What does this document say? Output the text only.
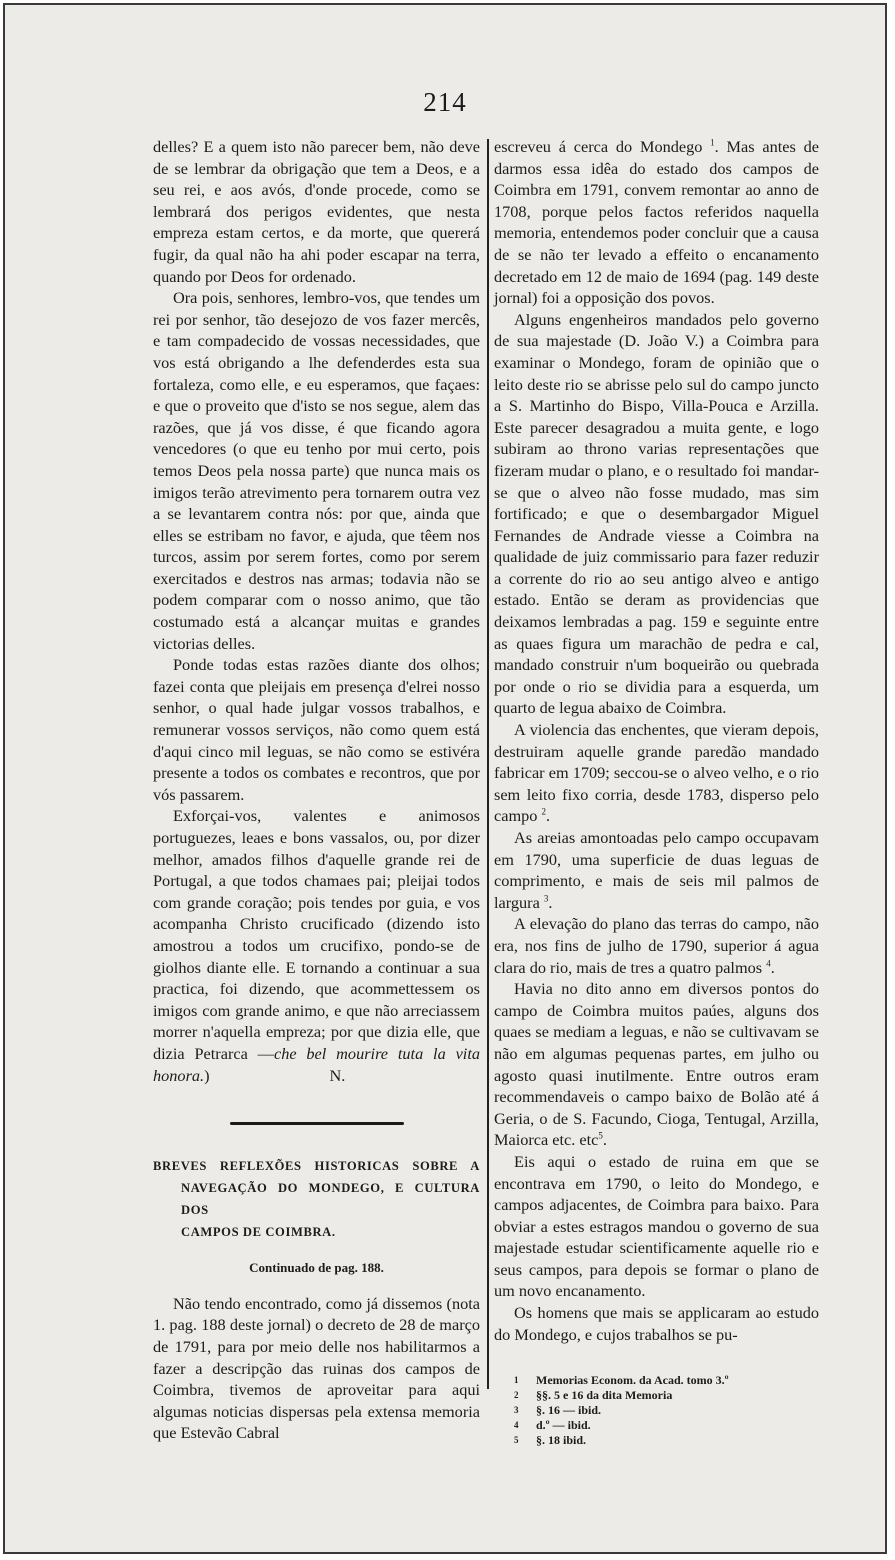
214

delles? E a quem isto não parecer bem, não deve de se lembrar da obrigação que tem a Deos, e a seu rei, e aos avós, d'onde procede, como se lembrará dos perigos evidentes, que nesta empreza estam certos, e da morte, que quererá fugir, da qual não ha ahi poder escapar na terra, quando por Deos for ordenado.

Ora pois, senhores, lembro-vos, que tendes um rei por senhor, tão desejozo de vos fazer mercês, e tam compadecido de vossas necessidades, que vos está obrigando a lhe defenderdes esta sua fortaleza, como elle, e eu esperamos, que façaes: e que o proveito que d'isto se nos segue, alem das razões, que já vos disse, é que ficando agora vencedores (o que eu tenho por mui certo, pois temos Deos pela nossa parte) que nunca mais os imigos terão atrevimento pera tornarem outra vez a se levantarem contra nós: por que, ainda que elles se estribam no favor, e ajuda, que têem nos turcos, assim por serem fortes, como por serem exercitados e destros nas armas; todavia não se podem comparar com o nosso animo, que tão costumado está a alcançar muitas e grandes victorias delles.

Ponde todas estas razões diante dos olhos; fazei conta que pleijais em presença d'elrei nosso senhor, o qual hade julgar vossos trabalhos, e remunerar vossos serviços, não como quem está d'aqui cinco mil leguas, se não como se estivéra presente a todos os combates e recontros, que por vós passarem.

Exforçai-vos, valentes e animosos portuguezes, leaes e bons vassalos, ou, por dizer melhor, amados filhos d'aquelle grande rei de Portugal, a que todos chamaes pai; pleijai todos com grande coração; pois tendes por guia, e vos acompanha Christo crucificado (dizendo isto amostrou a todos um crucifixo, pondo-se de giolhos diante elle. E tornando a continuar a sua practica, foi dizendo, que acommettessem os imigos com grande animo, e que não arreciassem morrer n'aquella empreza; por que dizia elle, que dizia Petrarca —che bel mourire tuta la vita honora.)	N.

BREVES REFLEXÕES HISTORICAS SOBRE A
NAVEGAÇÃO DO MONDEGO, E CULTURA DOS
CAMPOS DE COIMBRA.
Continuado de pag. 188.

Não tendo encontrado, como já dissemos (nota 1. pag. 188 deste jornal) o decreto de 28 de março de 1791, para por meio delle nos habilitarmos a fazer a descripção das ruinas dos campos de Coimbra, tivemos de aproveitar para aqui algumas noticias dispersas pela extensa memoria que Estevão Cabral

escreveu á cerca do Mondego $^1$. Mas antes de darmos essa idêa do estado dos campos de Coimbra em 1791, convem remontar ao anno de 1708, porque pelos factos referidos naquella memoria, entendemos poder concluir que a causa de se não ter levado a effeito o encanamento decretado em 12 de maio de 1694 (pag. 149 deste jornal) foi a opposição dos povos.

Alguns engenheiros mandados pelo governo de sua majestade (D. João V.) a Coimbra para examinar o Mondego, foram de opinião que o leito deste rio se abrisse pelo sul do campo juncto a S. Martinho do Bispo, Villa-Pouca e Arzilla. Este parecer desagradou a muita gente, e logo subiram ao throno varias representações que fizeram mudar o plano, e o resultado foi mandar-se que o alveo não fosse mudado, mas sim fortificado; e que o desembargador Miguel Fernandes de Andrade viesse a Coimbra na qualidade de juiz commissario para fazer reduzir a corrente do rio ao seu antigo alveo e antigo estado. Então se deram as providencias que deixamos lembradas a pag. 159 e seguinte entre as quaes figura um marachão de pedra e cal, mandado construir n'um boqueirão ou quebrada por onde o rio se dividia para a esquerda, um quarto de legua abaixo de Coimbra.

A violencia das enchentes, que vieram depois, destruiram aquelle grande paredão mandado fabricar em 1709; seccou-se o alveo velho, e o rio sem leito fixo corria, desde 1783, disperso pelo campo $^2$.

As areias amontoadas pelo campo occupavam em 1790, uma superficie de duas leguas de comprimento, e mais de seis mil palmos de largura $^3$.

A elevação do plano das terras do campo, não era, nos fins de julho de 1790, superior á agua clara do rio, mais de tres a quatro palmos $^4$.

Havia no dito anno em diversos pontos do campo de Coimbra muitos paúes, alguns dos quaes se mediam a leguas, e não se cultivavam se não em algumas pequenas partes, em julho ou agosto quasi inutilmente. Entre outros eram recommendaveis o campo baixo de Bolão até á Geria, o de S. Facundo, Cioga, Tentugal, Arzilla, Maiorca etc. etc$^5$.

Eis aqui o estado de ruina em que se encontrava em 1790, o leito do Mondego, e campos adjacentes, de Coimbra para baixo. Para obviar a estes estragos mandou o governo de sua majestade estudar scientificamente aquelle rio e seus campos, para depois se formar o plano de um novo encanamento.

Os homens que mais se applicaram ao estudo do Mondego, e cujos trabalhos se pu-

1	Memorias Econom. da Acad. tomo 3.º
2	§§. 5 e 16 da dita Memoria
3	§. 16 — ibid.
4	d.º — ibid.
5	§. 18 ibid.
